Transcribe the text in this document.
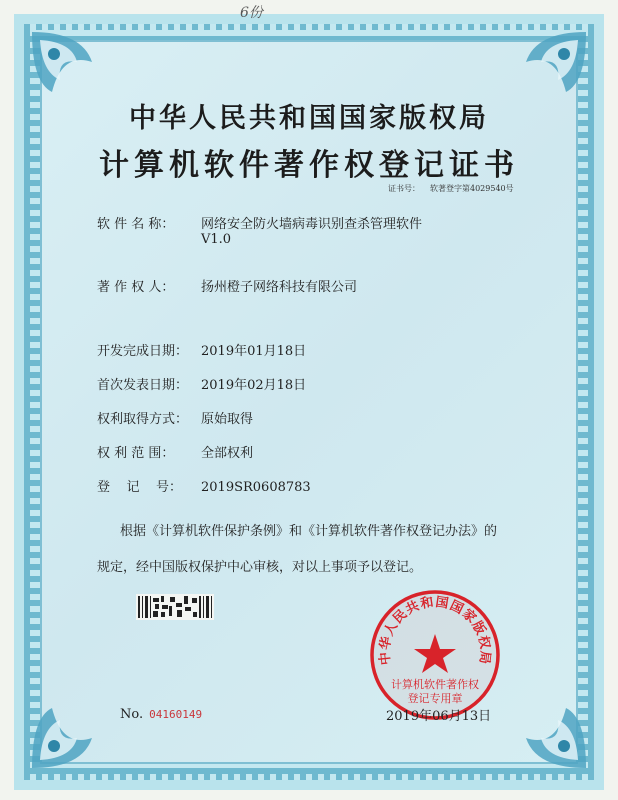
6份
中华人民共和国国家版权局
计算机软件著作权登记证书
证书号： 软著登字第4029540号
软 件 名 称： 网络安全防火墙病毒识别查杀管理软件
V1.0
著 作 权 人： 扬州橙子网络科技有限公司
开发完成日期： 2019年01月18日
首次发表日期： 2019年02月18日
权利取得方式： 原始取得
权 利 范 围： 全部权利
登    记    号： 2019SR0608783
根据《计算机软件保护条例》和《计算机软件著作权登记办法》的
规定，经中国版权保护中心审核，对以上事项予以登记。
No. 04160149
中华人民共和国国家版权局
计算机软件著作权
登记专用章
2019年06月13日
